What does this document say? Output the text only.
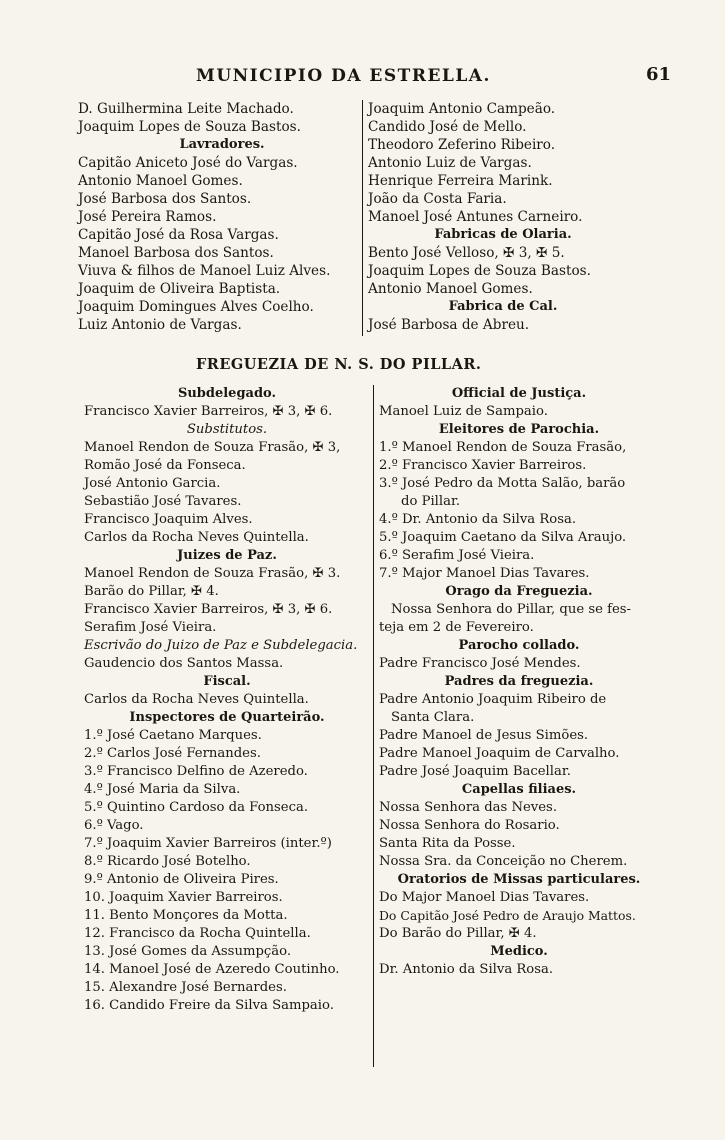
MUNICIPIO DA ESTRELLA.	61
D. Guilhermina Leite Machado.
Joaquim Lopes de Souza Bastos.
Lavradores.
Capitão Aniceto José do Vargas.
Antonio Manoel Gomes.
José Barbosa dos Santos.
José Pereira Ramos.
Capitão José da Rosa Vargas.
Manoel Barbosa dos Santos.
Viuva & filhos de Manoel Luiz Alves.
Joaquim de Oliveira Baptista.
Joaquim Domingues Alves Coelho.
Luiz Antonio de Vargas.
Joaquim Antonio Campeão.
Candido José de Mello.
Theodoro Zeferino Ribeiro.
Antonio Luiz de Vargas.
Henrique Ferreira Marink.
João da Costa Faria.
Manoel José Antunes Carneiro.
Fabricas de Olaria.
Bento José Velloso, ✠ 3, ✠ 5.
Joaquim Lopes de Souza Bastos.
Antonio Manoel Gomes.
Fabrica de Cal.
José Barbosa de Abreu.
FREGUEZIA DE N. S. DO PILLAR.
Subdelegado.
Francisco Xavier Barreiros, ✠ 3, ✠ 6.
Substitutos.
Manoel Rendon de Souza Frasão, ✠ 3,
Romão José da Fonseca.
José Antonio Garcia.
Sebastião José Tavares.
Francisco Joaquim Alves.
Carlos da Rocha Neves Quintella.
Juizes de Paz.
Manoel Rendon de Souza Frasão, ✠ 3.
Barão do Pillar, ✠ 4.
Francisco Xavier Barreiros, ✠ 3, ✠ 6.
Serafim José Vieira.
Escrivão do Juizo de Paz e Subdelegacia.
Gaudencio dos Santos Massa.
Fiscal.
Carlos da Rocha Neves Quintella.
Inspectores de Quarteirão.
1.º José Caetano Marques.
2.º Carlos José Fernandes.
3.º Francisco Delfino de Azeredo.
4.º José Maria da Silva.
5.º Quintino Cardoso da Fonseca.
6.º Vago.
7.º Joaquim Xavier Barreiros (inter.º)
8.º Ricardo José Botelho.
9.º Antonio de Oliveira Pires.
10. Joaquim Xavier Barreiros.
11. Bento Monçores da Motta.
12. Francisco da Rocha Quintella.
13. José Gomes da Assumpção.
14. Manoel José de Azeredo Coutinho.
15. Alexandre José Bernardes.
16. Candido Freire da Silva Sampaio.
Official de Justiça.
Manoel Luiz de Sampaio.
Eleitores de Parochia.
1.º Manoel Rendon de Souza Frasão,
2.º Francisco Xavier Barreiros.
3.º José Pedro da Motta Salão, barão
do Pillar.
4.º Dr. Antonio da Silva Rosa.
5.º Joaquim Caetano da Silva Araujo.
6.º Serafim José Vieira.
7.º Major Manoel Dias Tavares.
Orago da Freguezia.
Nossa Senhora do Pillar, que se fes-
teja em 2 de Fevereiro.
Parocho collado.
Padre Francisco José Mendes.
Padres da freguezia.
Padre Antonio Joaquim Ribeiro de
Santa Clara.
Padre Manoel de Jesus Simões.
Padre Manoel Joaquim de Carvalho.
Padre José Joaquim Bacellar.
Capellas filiaes.
Nossa Senhora das Neves.
Nossa Senhora do Rosario.
Santa Rita da Posse.
Nossa Sra. da Conceição no Cherem.
Oratorios de Missas particulares.
Do Major Manoel Dias Tavares.
Do Capitão José Pedro de Araujo Mattos.
Do Barão do Pillar, ✠ 4.
Medico.
Dr. Antonio da Silva Rosa.
